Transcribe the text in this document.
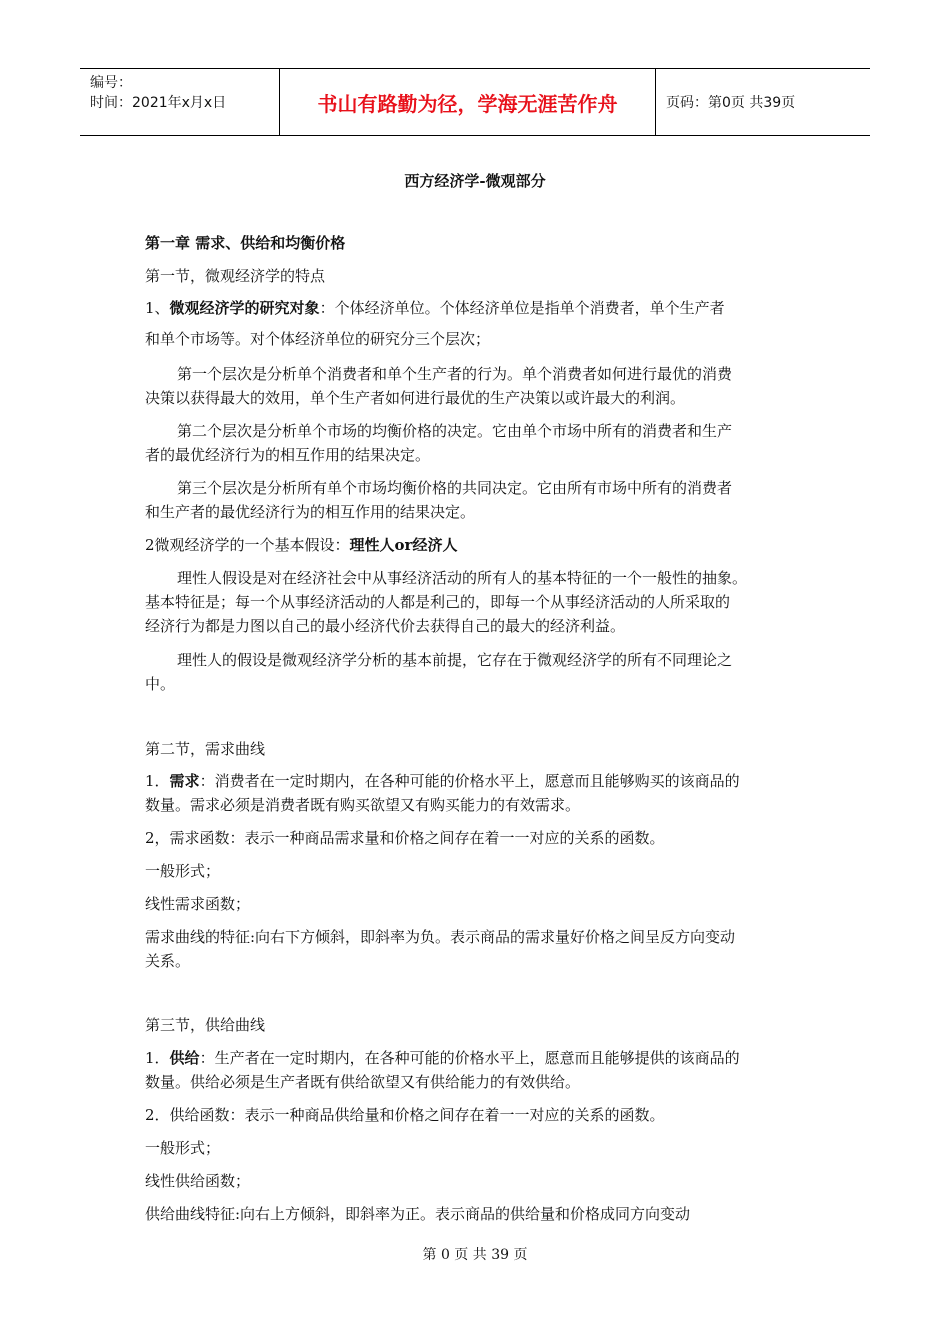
编号：
时间：2021年x月x日	书山有路勤为径，学海无涯苦作舟	页码：第0页 共39页
西方经济学-微观部分
第一章 需求、供给和均衡价格
第一节，微观经济学的特点
1、微观经济学的研究对象：个体经济单位。个体经济单位是指单个消费者，单个生产者
和单个市场等。对个体经济单位的研究分三个层次；
第一个层次是分析单个消费者和单个生产者的行为。单个消费者如何进行最优的消费
决策以获得最大的效用，单个生产者如何进行最优的生产决策以或许最大的利润。
第二个层次是分析单个市场的均衡价格的决定。它由单个市场中所有的消费者和生产
者的最优经济行为的相互作用的结果决定。
第三个层次是分析所有单个市场均衡价格的共同决定。它由所有市场中所有的消费者
和生产者的最优经济行为的相互作用的结果决定。
2微观经济学的一个基本假设：理性人or经济人
理性人假设是对在经济社会中从事经济活动的所有人的基本特征的一个一般性的抽象。
基本特征是；每一个从事经济活动的人都是利己的，即每一个从事经济活动的人所采取的
经济行为都是力图以自己的最小经济代价去获得自己的最大的经济利益。
理性人的假设是微观经济学分析的基本前提，它存在于微观经济学的所有不同理论之
中。
第二节，需求曲线
1．需求：消费者在一定时期内，在各种可能的价格水平上，愿意而且能够购买的该商品的
数量。需求必须是消费者既有购买欲望又有购买能力的有效需求。
2，需求函数：表示一种商品需求量和价格之间存在着一一对应的关系的函数。
一般形式；
线性需求函数；
需求曲线的特征:向右下方倾斜，即斜率为负。表示商品的需求量好价格之间呈反方向变动
关系。
第三节，供给曲线
1．供给：生产者在一定时期内，在各种可能的价格水平上，愿意而且能够提供的该商品的
数量。供给必须是生产者既有供给欲望又有供给能力的有效供给。
2．供给函数：表示一种商品供给量和价格之间存在着一一对应的关系的函数。
一般形式；
线性供给函数；
供给曲线特征:向右上方倾斜，即斜率为正。表示商品的供给量和价格成同方向变动
第 0 页 共 39 页
